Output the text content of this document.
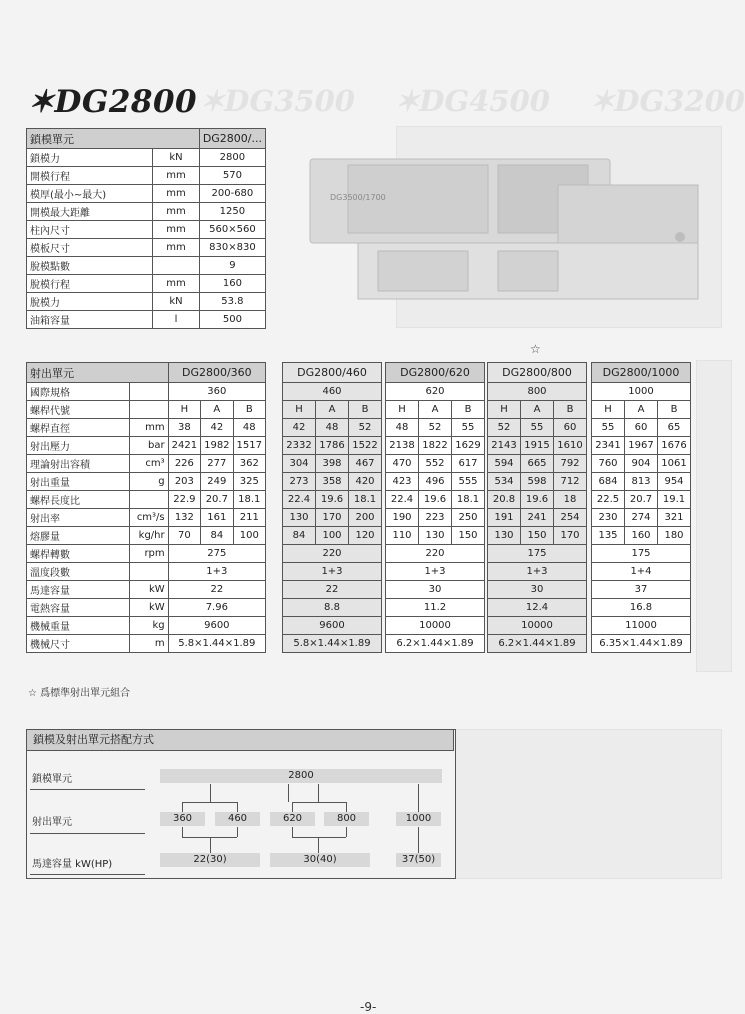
✶DG2800 ✶DG3500 ✶DG4500 ✶DG3200
鎖模單元		DG2800/...
鎖模力	kN	2800
開模行程	mm	570
模厚(最小~最大)	mm	200-680
開模最大距離	mm	1250
柱內尺寸	mm	560×560
模板尺寸	mm	830×830
脫模點數		9
脫模行程	mm	160
脫模力	kN	53.8
油箱容量	l	500
DG3500/1700
☆
射出單元		DG2800/360		
國際規格		360		
螺桿代號		H	A	B
螺桿直徑	mm	38	42	48
射出壓力	bar	2421	1982	1517
理論射出容積	cm³	226	277	362
射出重量	g	203	249	325
螺桿長度比		22.9	20.7	18.1
射出率	cm³/s	132	161	211
熔膠量	kg/hr	70	84	100
螺桿轉數	rpm	275		
溫度段數		1+3		
馬達容量	kW	22		
電熱容量	kW	7.96		
機械重量	kg	9600		
機械尺寸	m	5.8×1.44×1.89		
DG2800/460		
460		
H	A	B
42	48	52
2332	1786	1522
304	398	467
273	358	420
22.4	19.6	18.1
130	170	200
84	100	120
220		
1+3		
22		
8.8		
9600		
5.8×1.44×1.89		
DG2800/620		
620		
H	A	B
48	52	55
2138	1822	1629
470	552	617
423	496	555
22.4	19.6	18.1
190	223	250
110	130	150
220		
1+3		
30		
11.2		
10000		
6.2×1.44×1.89		
DG2800/800		
800		
H	A	B
52	55	60
2143	1915	1610
594	665	792
534	598	712
20.8	19.6	18
191	241	254
130	150	170
175		
1+3		
30		
12.4		
10000		
6.2×1.44×1.89		
DG2800/1000		
1000		
H	A	B
55	60	65
2341	1967	1676
760	904	1061
684	813	954
22.5	20.7	19.1
230	274	321
135	160	180
175		
1+4		
37		
16.8		
11000		
6.35×1.44×1.89		
☆ 爲標準射出單元組合
鎖模及射出單元搭配方式
鎖模單元	2800
射出單元
馬達容量 kW(HP)
360	460	620	800	1000
22(30)	30(40)	37(50)
-9-
